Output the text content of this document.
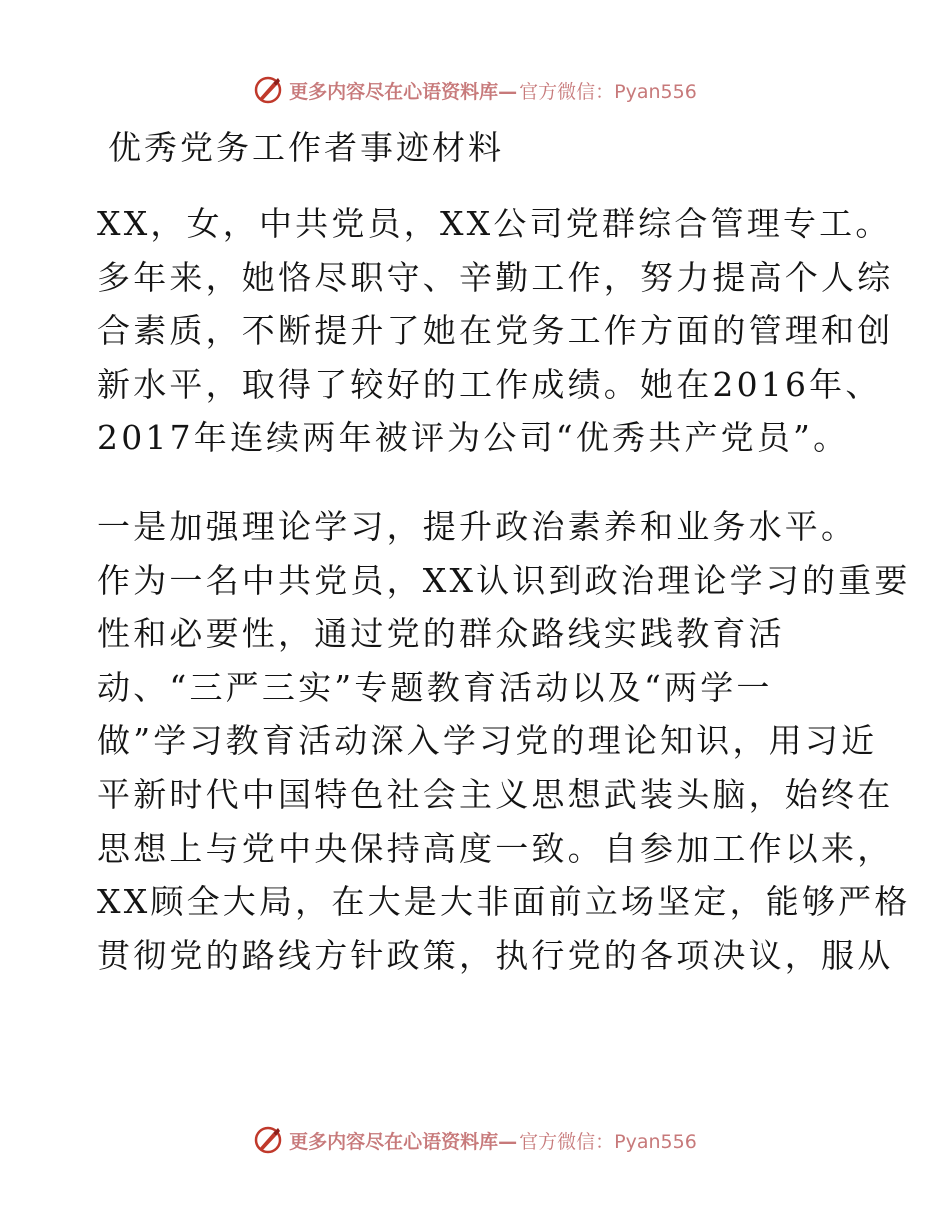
更多内容尽在心语资料库— 官方微信：Pyan556
优秀党务工作者事迹材料
XX，女，中共党员，XX公司党群综合管理专工。
多年来，她恪尽职守、辛勤工作，努力提高个人综
合素质，不断提升了她在党务工作方面的管理和创
新水平，取得了较好的工作成绩。她在2016年、
2017年连续两年被评为公司“优秀共产党员”。
一是加强理论学习，提升政治素养和业务水平。
作为一名中共党员，XX认识到政治理论学习的重要
性和必要性，通过党的群众路线实践教育活
动、“三严三实”专题教育活动以及“两学一
做”学习教育活动深入学习党的理论知识，用习近
平新时代中国特色社会主义思想武装头脑，始终在
思想上与党中央保持高度一致。自参加工作以来，
XX顾全大局，在大是大非面前立场坚定，能够严格
贯彻党的路线方针政策，执行党的各项决议，服从
更多内容尽在心语资料库— 官方微信：Pyan556
